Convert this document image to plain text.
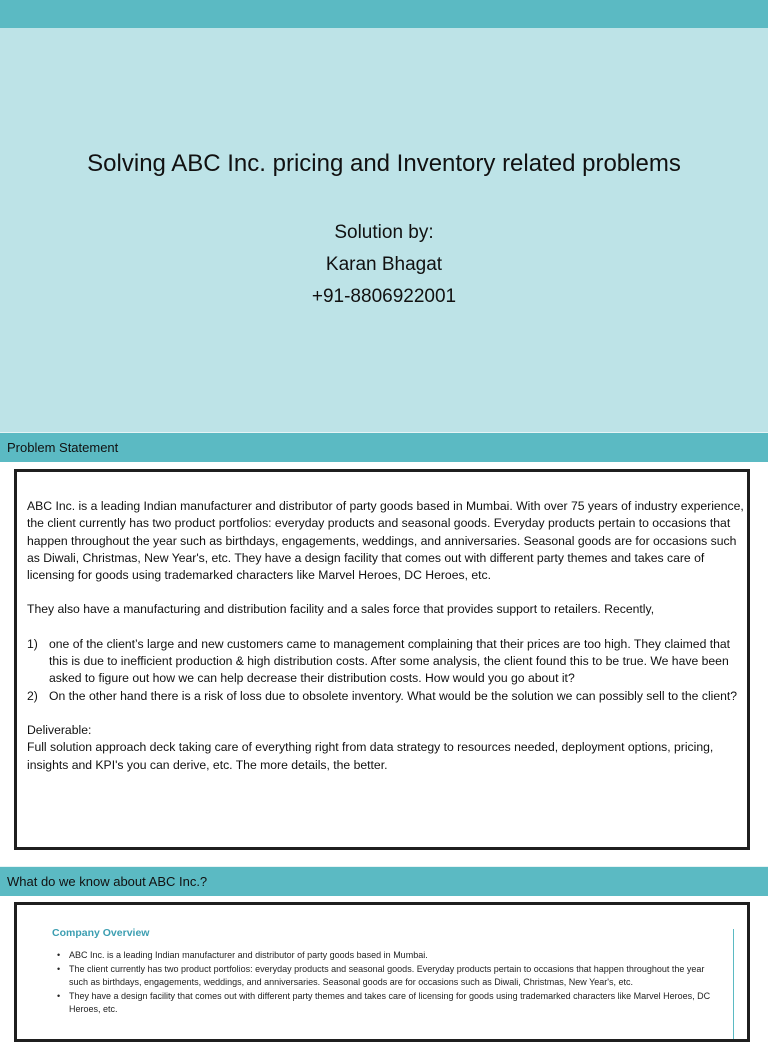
Solving ABC Inc. pricing and Inventory related problems
Solution by:
Karan Bhagat
+91-8806922001
Problem Statement

ABC Inc. is a leading Indian manufacturer and distributor of party goods based in Mumbai. With over 75 years of industry experience, the client currently has two product portfolios: everyday products and seasonal goods. Everyday products pertain to occasions that happen throughout the year such as birthdays, engagements, weddings, and anniversaries. Seasonal goods are for occasions such as Diwali, Christmas, New Year's, etc. They have a design facility that comes out with different party themes and takes care of licensing for goods using trademarked characters like Marvel Heroes, DC Heroes, etc.

They also have a manufacturing and distribution facility and a sales force that provides support to retailers. Recently,

1) one of the client’s large and new customers came to management complaining that their prices are too high. They claimed that this is due to inefficient production & high distribution costs. After some analysis, the client found this to be true. We have been asked to figure out how we can help decrease their distribution costs. How would you go about it?
2) On the other hand there is a risk of loss due to obsolete inventory. What would be the solution we can possibly sell to the client?

Deliverable:

Full solution approach deck taking care of everything right from data strategy to resources needed, deployment options, pricing, insights and KPI's you can derive, etc. The more details, the better.

What do we know about ABC Inc.?
Company Overview
• ABC Inc. is a leading Indian manufacturer and distributor of party goods based in Mumbai.
• The client currently has two product portfolios: everyday products and seasonal goods. Everyday products pertain to occasions that happen throughout the year such as birthdays, engagements, weddings, and anniversaries. Seasonal goods are for occasions such as Diwali, Christmas, New Year's, etc.
• They have a design facility that comes out with different party themes and takes care of licensing for goods using trademarked characters like Marvel Heroes, DC Heroes, etc.
